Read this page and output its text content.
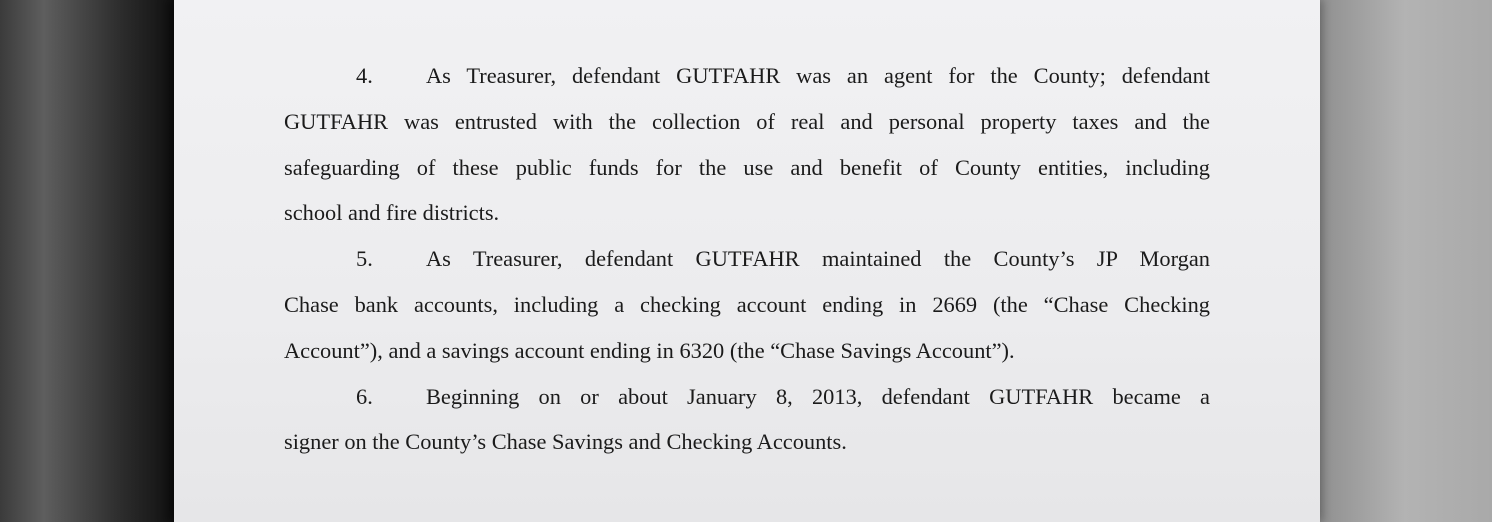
4.	As Treasurer, defendant GUTFAHR was an agent for the County; defendant
GUTFAHR was entrusted with the collection of real and personal property taxes and the
safeguarding of these public funds for the use and benefit of County entities, including
school and fire districts.
5.	As Treasurer, defendant GUTFAHR maintained the County’s JP Morgan
Chase bank accounts, including a checking account ending in 2669 (the “Chase Checking
Account”), and a savings account ending in 6320 (the “Chase Savings Account”).
6.	Beginning on or about January 8, 2013, defendant GUTFAHR became a
signer on the County’s Chase Savings and Checking Accounts.
